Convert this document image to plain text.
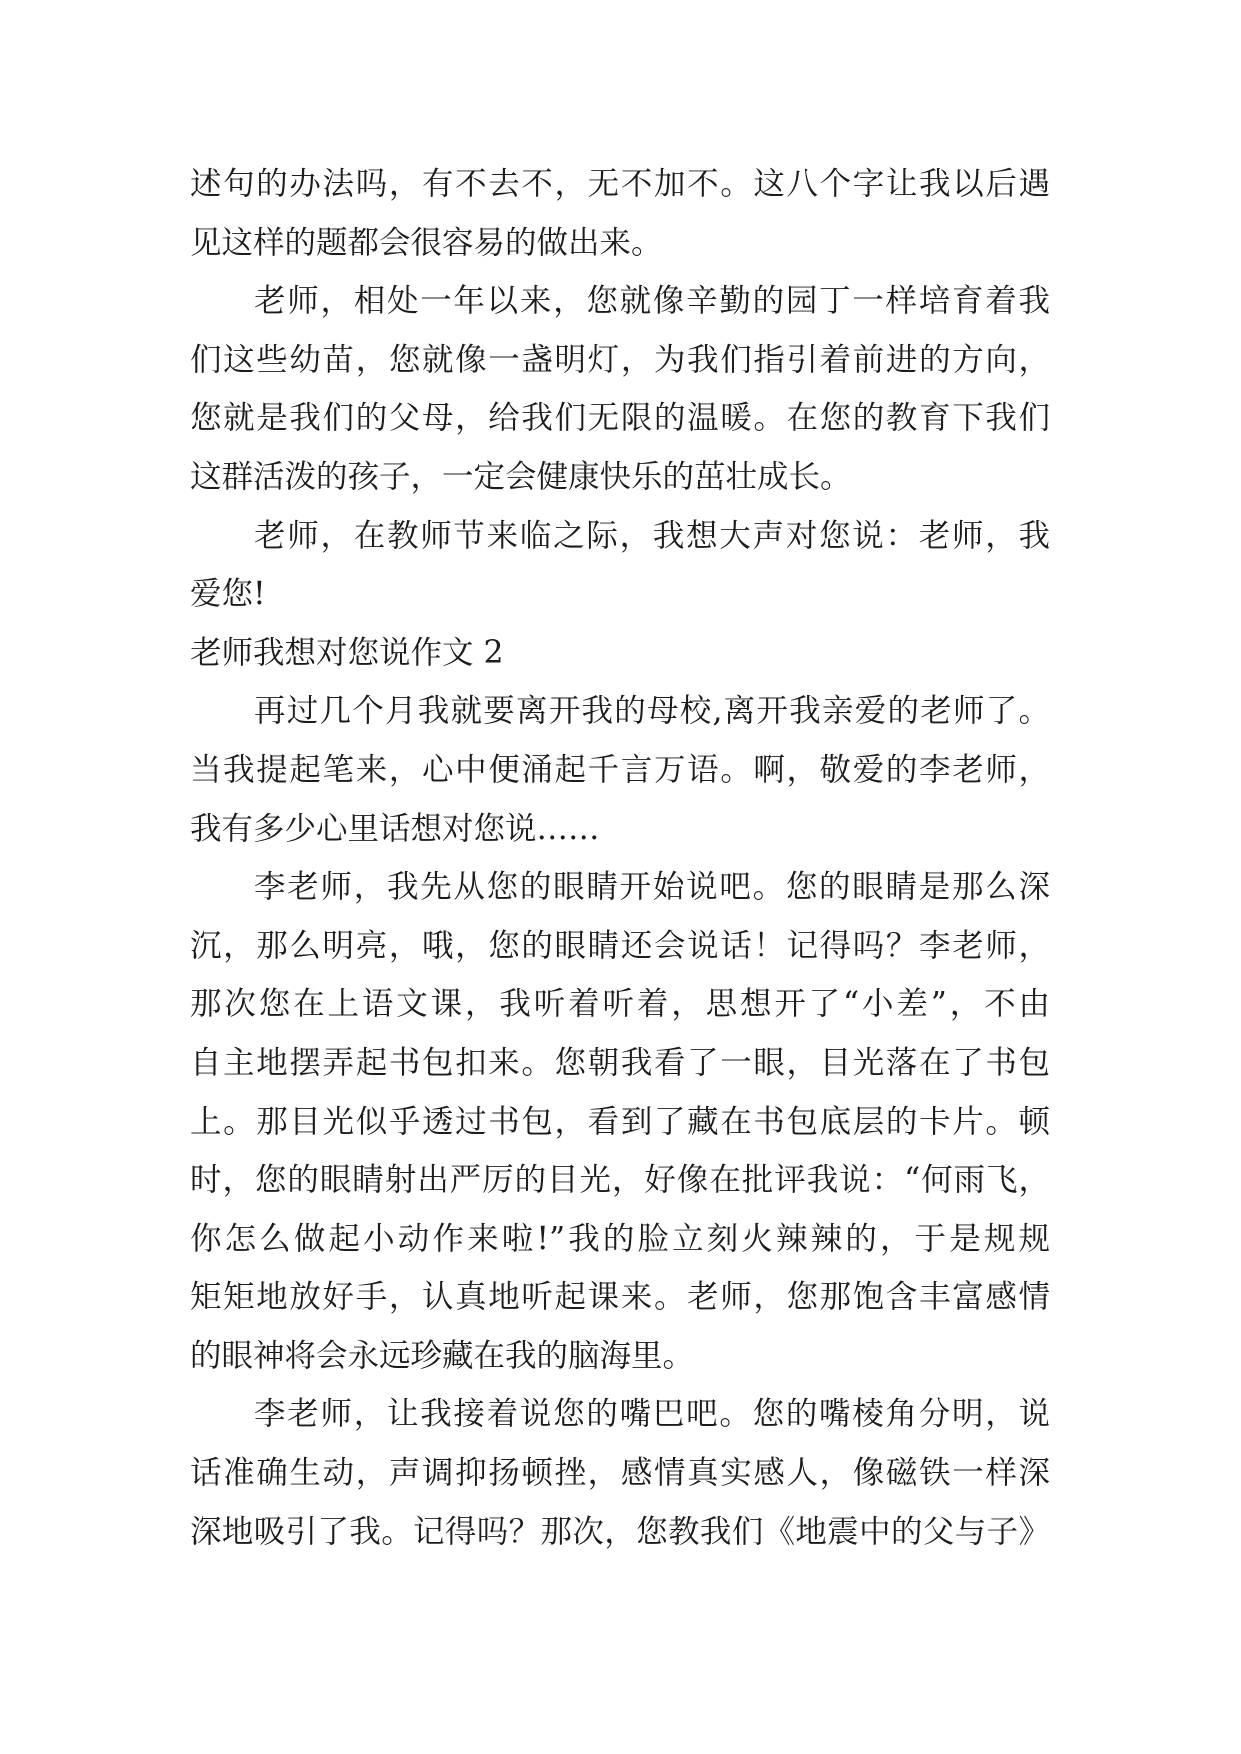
述句的办法吗，有不去不，无不加不。这八个字让我以后遇
见这样的题都会很容易的做出来。
老师，相处一年以来，您就像辛勤的园丁一样培育着我
们这些幼苗，您就像一盏明灯，为我们指引着前进的方向，
您就是我们的父母，给我们无限的温暖。在您的教育下我们
这群活泼的孩子，一定会健康快乐的茁壮成长。
老师，在教师节来临之际，我想大声对您说：老师，我
爱您!
老师我想对您说作文 2
再过几个月我就要离开我的母校,离开我亲爱的老师了。
当我提起笔来，心中便涌起千言万语。啊，敬爱的李老师，
我有多少心里话想对您说……
李老师，我先从您的眼睛开始说吧。您的眼睛是那么深
沉，那么明亮，哦，您的眼睛还会说话！记得吗？李老师，
那次您在上语文课，我听着听着，思想开了“小差”，不由
自主地摆弄起书包扣来。您朝我看了一眼，目光落在了书包
上。那目光似乎透过书包，看到了藏在书包底层的卡片。顿
时，您的眼睛射出严厉的目光，好像在批评我说：“何雨飞，
你怎么做起小动作来啦!”我的脸立刻火辣辣的，于是规规
矩矩地放好手，认真地听起课来。老师，您那饱含丰富感情
的眼神将会永远珍藏在我的脑海里。
李老师，让我接着说您的嘴巴吧。您的嘴棱角分明，说
话准确生动，声调抑扬顿挫，感情真实感人，像磁铁一样深
深地吸引了我。记得吗？那次，您教我们《地震中的父与子》
